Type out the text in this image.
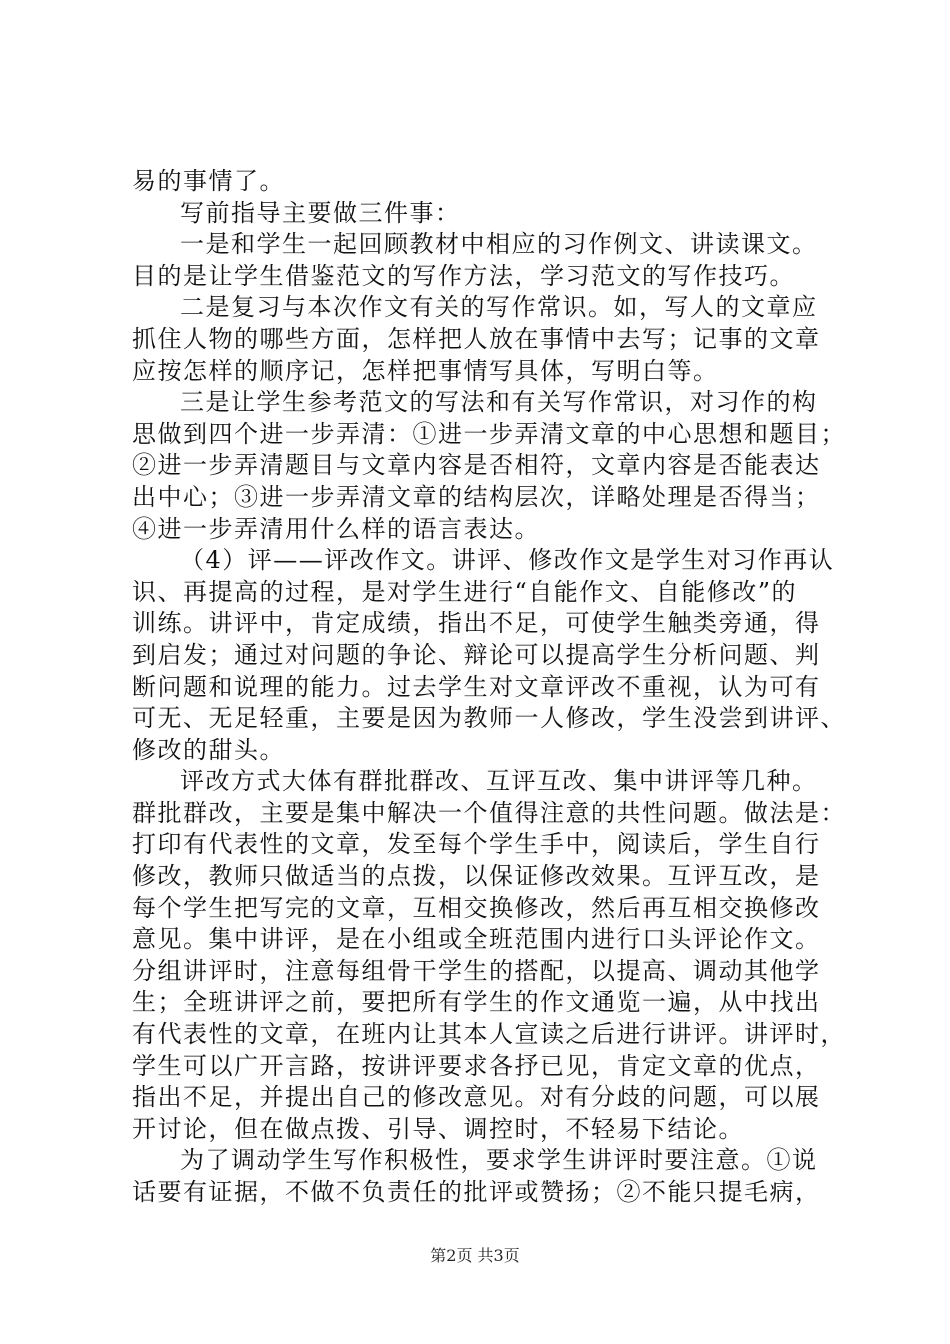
易的事情了。
写前指导主要做三件事：
一是和学生一起回顾教材中相应的习作例文、讲读课文。
目的是让学生借鉴范文的写作方法，学习范文的写作技巧。
二是复习与本次作文有关的写作常识。如，写人的文章应
抓住人物的哪些方面，怎样把人放在事情中去写；记事的文章
应按怎样的顺序记，怎样把事情写具体，写明白等。
三是让学生参考范文的写法和有关写作常识，对习作的构
思做到四个进一步弄清：①进一步弄清文章的中心思想和题目；
②进一步弄清题目与文章内容是否相符，文章内容是否能表达
出中心；③进一步弄清文章的结构层次，详略处理是否得当；
④进一步弄清用什么样的语言表达。
（4）评——评改作文。讲评、修改作文是学生对习作再认
识、再提高的过程，是对学生进行“自能作文、自能修改”的
训练。讲评中，肯定成绩，指出不足，可使学生触类旁通，得
到启发；通过对问题的争论、辩论可以提高学生分析问题、判
断问题和说理的能力。过去学生对文章评改不重视，认为可有
可无、无足轻重，主要是因为教师一人修改，学生没尝到讲评、
修改的甜头。
评改方式大体有群批群改、互评互改、集中讲评等几种。
群批群改，主要是集中解决一个值得注意的共性问题。做法是：
打印有代表性的文章，发至每个学生手中，阅读后，学生自行
修改，教师只做适当的点拨，以保证修改效果。互评互改，是
每个学生把写完的文章，互相交换修改，然后再互相交换修改
意见。集中讲评，是在小组或全班范围内进行口头评论作文。
分组讲评时，注意每组骨干学生的搭配，以提高、调动其他学
生；全班讲评之前，要把所有学生的作文通览一遍，从中找出
有代表性的文章，在班内让其本人宣读之后进行讲评。讲评时，
学生可以广开言路，按讲评要求各抒已见，肯定文章的优点，
指出不足，并提出自己的修改意见。对有分歧的问题，可以展
开讨论，但在做点拨、引导、调控时，不轻易下结论。
为了调动学生写作积极性，要求学生讲评时要注意。①说
话要有证据，不做不负责任的批评或赞扬；②不能只提毛病，
第2页 共3页
